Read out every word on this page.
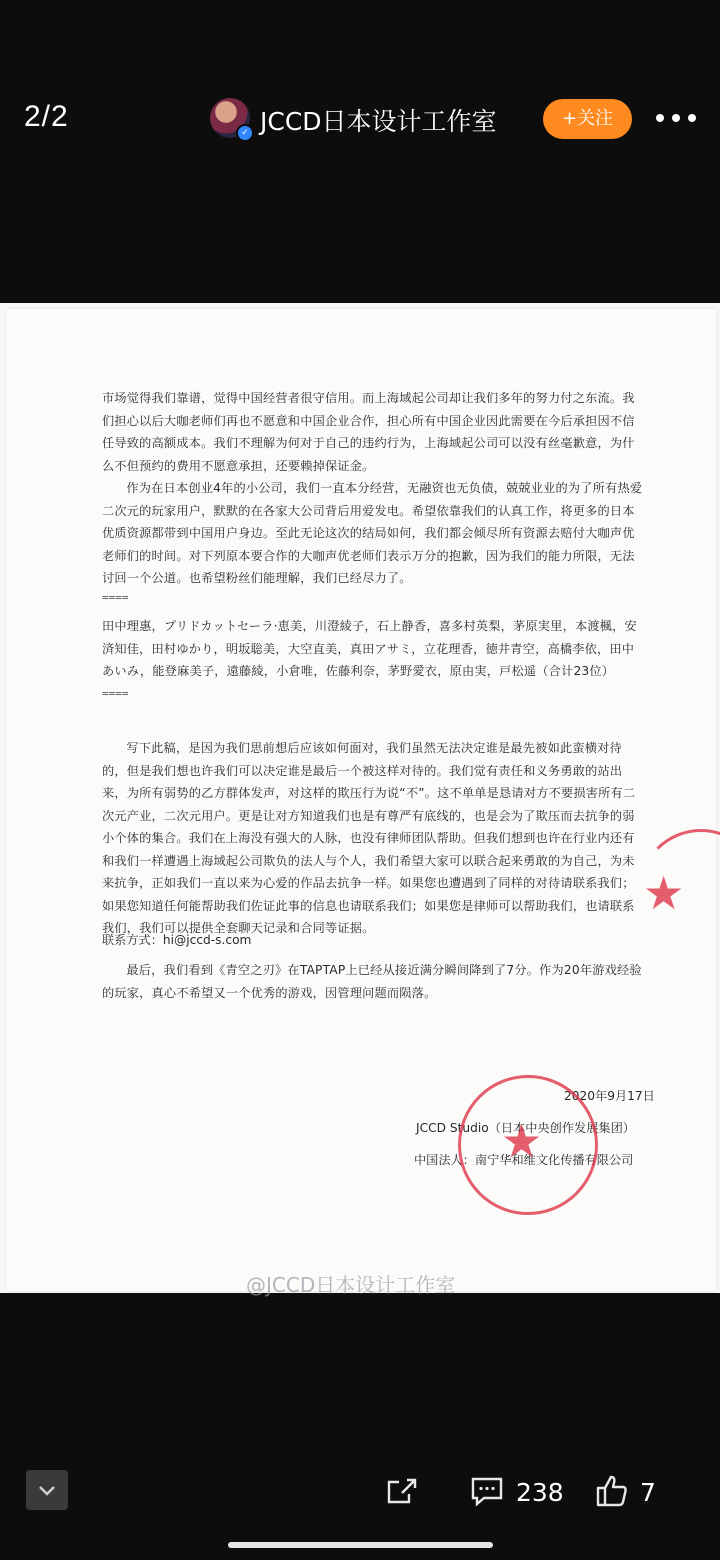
2/2	✓ JCCD日本设计工作室	+关注
市场觉得我们靠谱，觉得中国经营者很守信用。而上海域起公司却让我们多年的努力付之东流。我们担心以后大咖老师们再也不愿意和中国企业合作，担心所有中国企业因此需要在今后承担因不信任导致的高额成本。我们不理解为何对于自己的违约行为，上海域起公司可以没有丝毫歉意，为什么不但预约的费用不愿意承担，还要赖掉保证金。
作为在日本创业4年的小公司，我们一直本分经营，无融资也无负债，兢兢业业的为了所有热爱二次元的玩家用户，默默的在各家大公司背后用爱发电。希望依靠我们的认真工作，将更多的日本优质资源都带到中国用户身边。至此无论这次的结局如何，我们都会倾尽所有资源去赔付大咖声优老师们的时间。对下列原本要合作的大咖声优老师们表示万分的抱歉，因为我们的能力所限，无法讨回一个公道。也希望粉丝们能理解，我们已经尽力了。
====
田中理惠，プリドカットセーラ·恵美，川澄綾子，石上静香，喜多村英梨，茅原実里，本渡楓，安済知佳，田村ゆかり，明坂聡美，大空直美，真田アサミ，立花理香，徳井青空，高橋李依，田中あいみ，能登麻美子，遠藤綾，小倉唯，佐藤利奈，茅野愛衣，原由実，戸松遥（合计23位）
====
写下此稿，是因为我们思前想后应该如何面对，我们虽然无法决定谁是最先被如此蛮横对待的，但是我们想也许我们可以决定谁是最后一个被这样对待的。我们觉有责任和义务勇敢的站出来，为所有弱势的乙方群体发声，对这样的欺压行为说“不”。这不单单是恳请对方不要损害所有二次元产业，二次元用户。更是让对方知道我们也是有尊严有底线的，也是会为了欺压而去抗争的弱小个体的集合。我们在上海没有强大的人脉，也没有律师团队帮助。但我们想到也许在行业内还有和我们一样遭遇上海域起公司欺负的法人与个人，我们希望大家可以联合起来勇敢的为自己，为未来抗争，正如我们一直以来为心爱的作品去抗争一样。如果您也遭遇到了同样的对待请联系我们；如果您知道任何能帮助我们佐证此事的信息也请联系我们；如果您是律师可以帮助我们，也请联系我们，我们可以提供全套聊天记录和合同等证据。
联系方式：hi@jccd-s.com
最后，我们看到《青空之刃》在TAPTAP上已经从接近满分瞬间降到了7分。作为20年游戏经验的玩家，真心不希望又一个优秀的游戏，因管理问题而陨落。
2020年9月17日
JCCD Studio（日本中央创作发展集团）
中国法人：南宁华和维文化传播有限公司
★
★
@JCCD日本设计工作室
238	7
